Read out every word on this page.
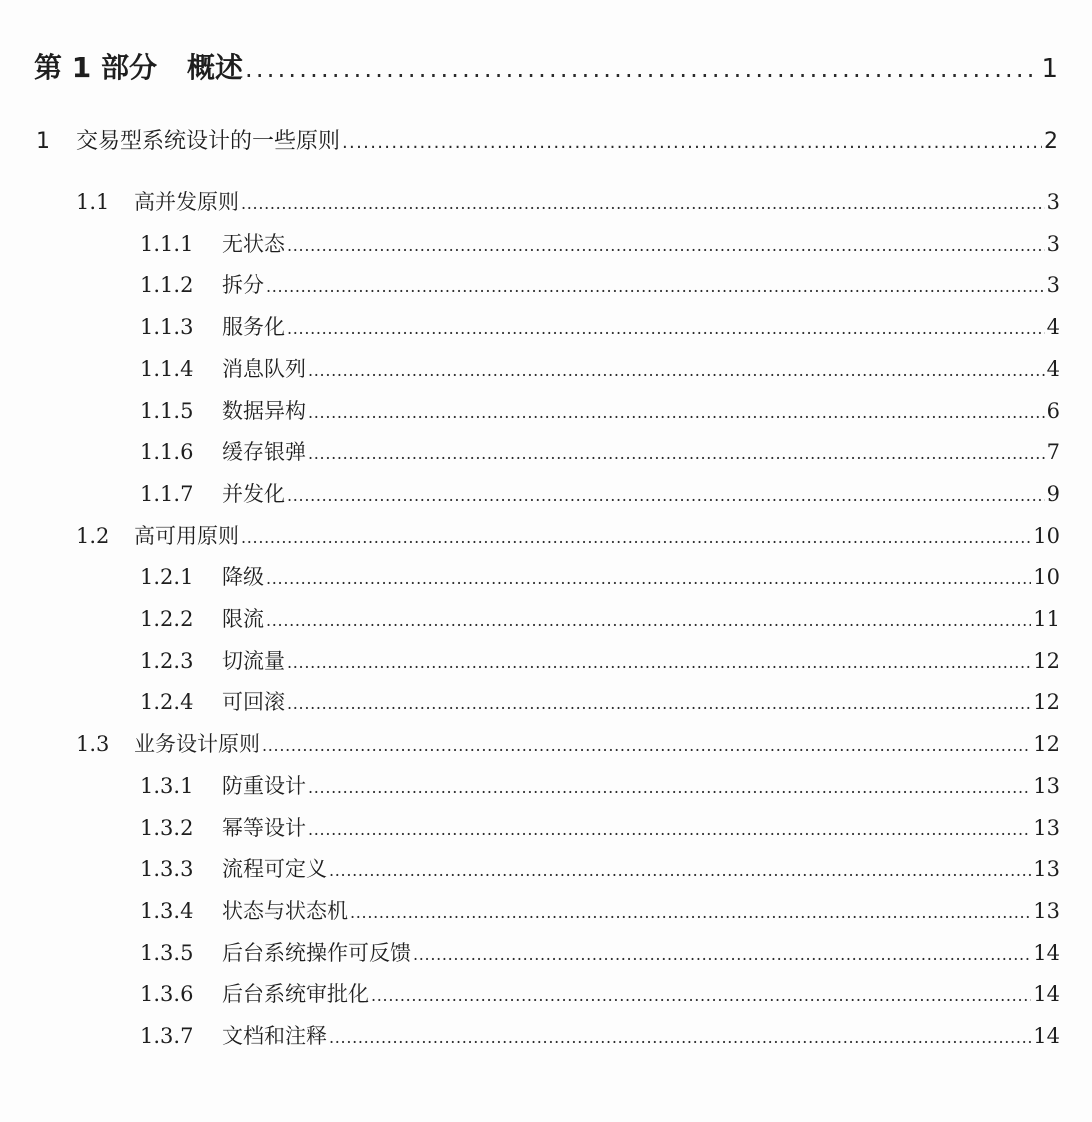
第 1 部分 概述 . . .	1
1	交易型系统设计的一些原则 . . .	2
1.1	高并发原则 . . .	3
1.1.1	无状态 . . .	3
1.1.2	拆分 . . .	3
1.1.3	服务化 . . .	4
1.1.4	消息队列 . . .	4
1.1.5	数据异构 . . .	6
1.1.6	缓存银弹 . . .	7
1.1.7	并发化 . . .	9
1.2	高可用原则 . . .	10
1.2.1	降级 . . .	10
1.2.2	限流 . . .	11
1.2.3	切流量 . . .	12
1.2.4	可回滚 . . .	12
1.3	业务设计原则 . . .	12
1.3.1	防重设计 . . .	13
1.3.2	幂等设计 . . .	13
1.3.3	流程可定义 . . .	13
1.3.4	状态与状态机 . . .	13
1.3.5	后台系统操作可反馈 . . .	14
1.3.6	后台系统审批化 . . .	14
1.3.7	文档和注释 . . .	14
